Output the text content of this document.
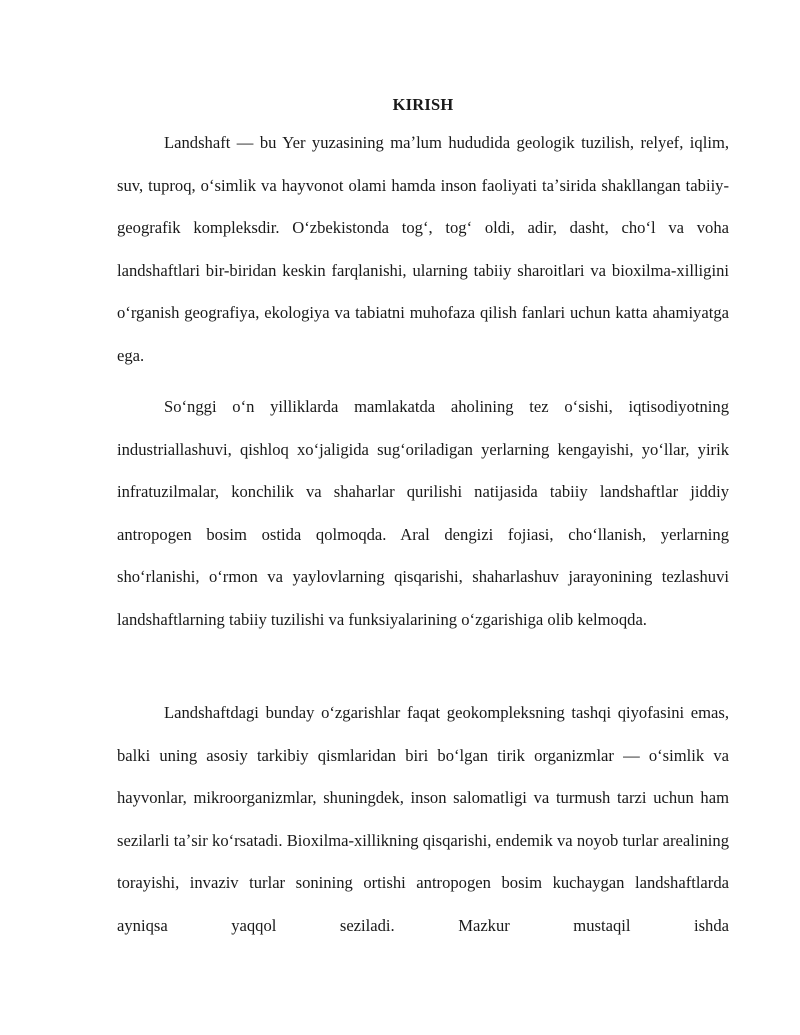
KIRISH

Landshaft — bu Yer yuzasining maʼlum hududida geologik tuzilish, relyef, iqlim, suv, tuproq, oʻsimlik va hayvonot olami hamda inson faoliyati taʼsirida shakllangan tabiiy-geografik kompleksdir. Oʻzbekistonda togʻ, togʻ oldi, adir, dasht, choʻl va voha landshaftlari bir-biridan keskin farqlanishi, ularning tabiiy sharoitlari va bioxilma-xilligini oʻrganish geografiya, ekologiya va tabiatni muhofaza qilish fanlari uchun katta ahamiyatga ega.

Soʻnggi oʻn yilliklarda mamlakatda aholining tez oʻsishi, iqtisodiyotning industriallashuvi, qishloq xoʻjaligida sugʻoriladigan yerlarning kengayishi, yoʻllar, yirik infratuzilmalar, konchilik va shaharlar qurilishi natijasida tabiiy landshaftlar jiddiy antropogen bosim ostida qolmoqda. Aral dengizi fojiasi, choʻllanish, yerlarning shoʻrlanishi, oʻrmon va yaylovlarning qisqarishi, shaharlashuv jarayonining tezlashuvi landshaftlarning tabiiy tuzilishi va funksiyalarining oʻzgarishiga olib kelmoqda.

Landshaftdagi bunday oʻzgarishlar faqat geokompleksning tashqi qiyofasini emas, balki uning asosiy tarkibiy qismlaridan biri boʻlgan tirik organizmlar — oʻsimlik va hayvonlar, mikroorganizmlar, shuningdek, inson salomatligi va turmush tarzi uchun ham sezilarli taʼsir koʻrsatadi. Bioxilma-xillikning qisqarishi, endemik va noyob turlar arealining torayishi, invaziv turlar sonining ortishi antropogen bosim kuchaygan landshaftlarda ayniqsa yaqqol seziladi. Mazkur mustaqil ishda
